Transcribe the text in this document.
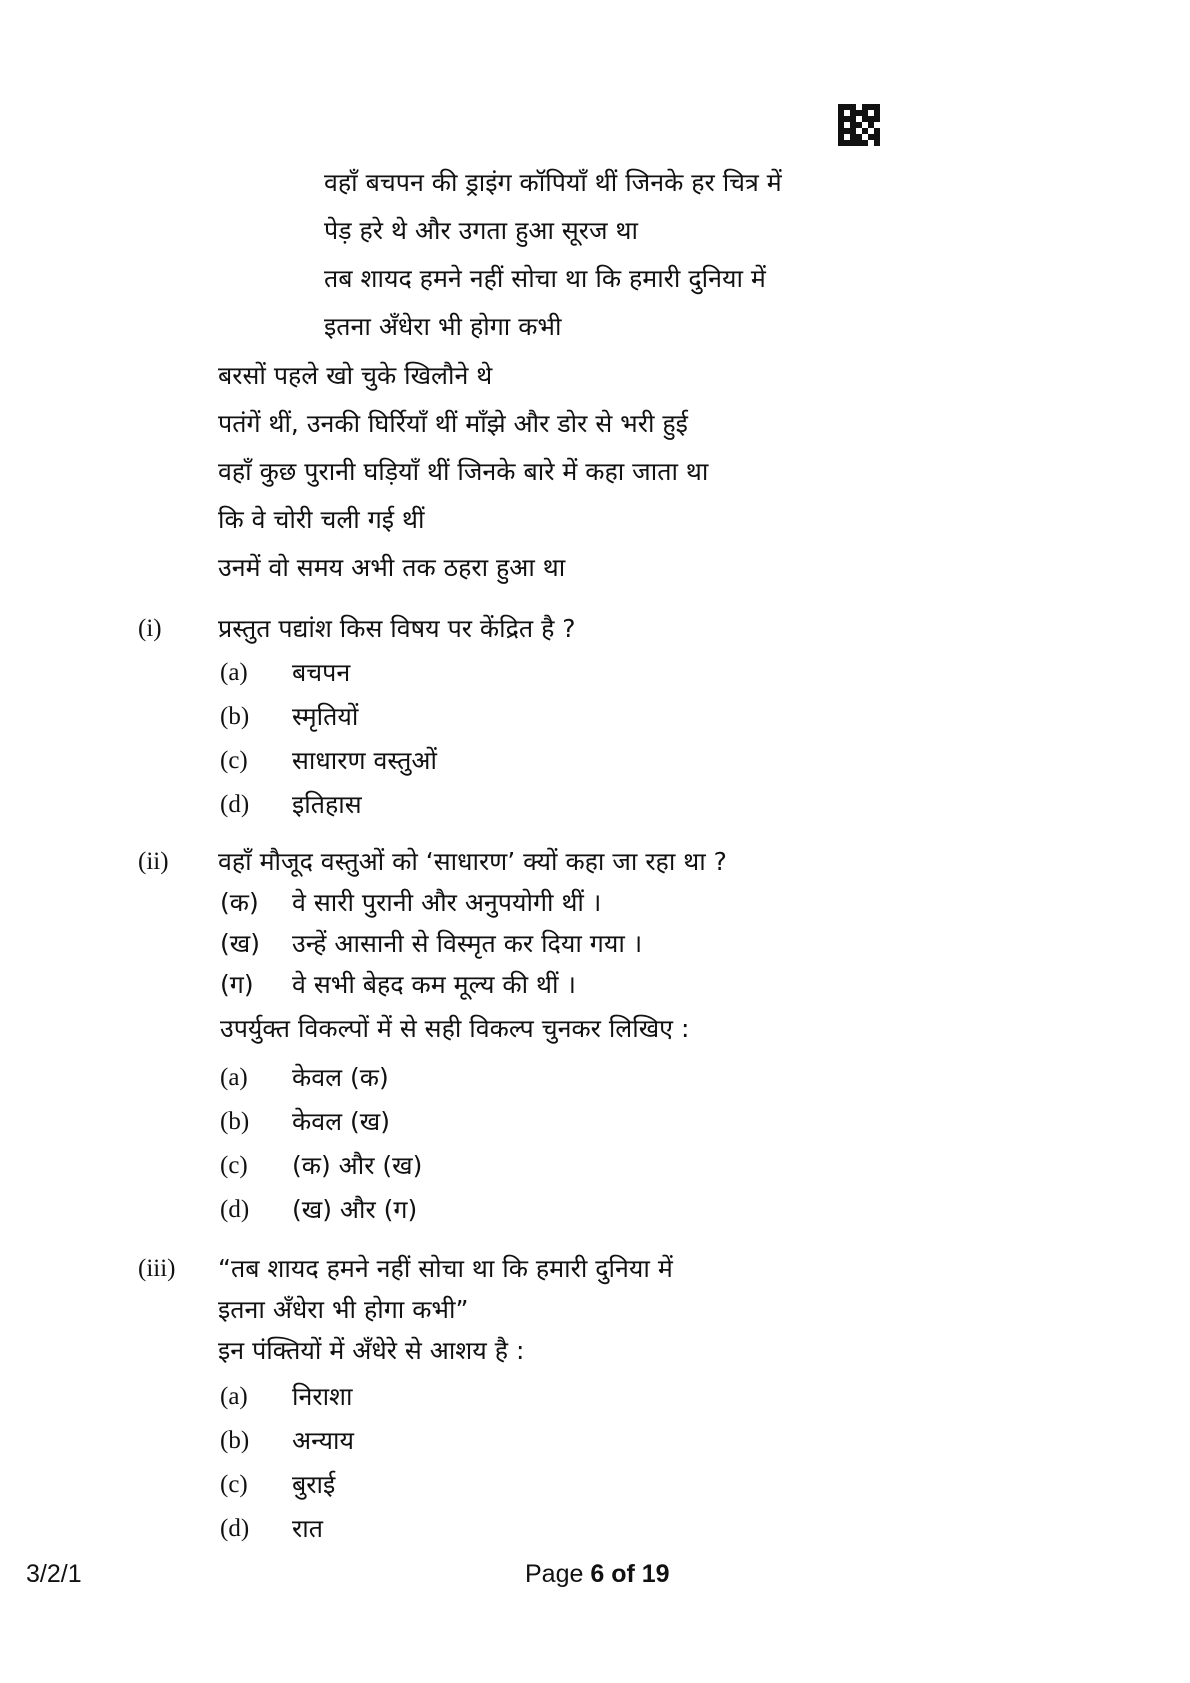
वहाँ बचपन की ड्राइंग कॉपियाँ थीं जिनके हर चित्र में
पेड़ हरे थे और उगता हुआ सूरज था
तब शायद हमने नहीं सोचा था कि हमारी दुनिया में
इतना अँधेरा भी होगा कभी
बरसों पहले खो चुके खिलौने थे
पतंगें थीं, उनकी घिर्रियाँ थीं माँझे और डोर से भरी हुई
वहाँ कुछ पुरानी घड़ियाँ थीं जिनके बारे में कहा जाता था
कि वे चोरी चली गई थीं
उनमें वो समय अभी तक ठहरा हुआ था
(i) प्रस्तुत पद्यांश किस विषय पर केंद्रित है ?
(a) बचपन
(b) स्मृतियों
(c) साधारण वस्तुओं
(d) इतिहास
(ii) वहाँ मौजूद वस्तुओं को ‘साधारण’ क्यों कहा जा रहा था ?
(क) वे सारी पुरानी और अनुपयोगी थीं ।
(ख) उन्हें आसानी से विस्मृत कर दिया गया ।
(ग) वे सभी बेहद कम मूल्य की थीं ।
उपर्युक्त विकल्पों में से सही विकल्प चुनकर लिखिए :
(a) केवल (क)
(b) केवल (ख)
(c) (क) और (ख)
(d) (ख) और (ग)
(iii) “तब शायद हमने नहीं सोचा था कि हमारी दुनिया में
इतना अँधेरा भी होगा कभी”
इन पंक्तियों में अँधेरे से आशय है :
(a) निराशा
(b) अन्याय
(c) बुराई
(d) रात
3/2/1	Page 6 of 19
